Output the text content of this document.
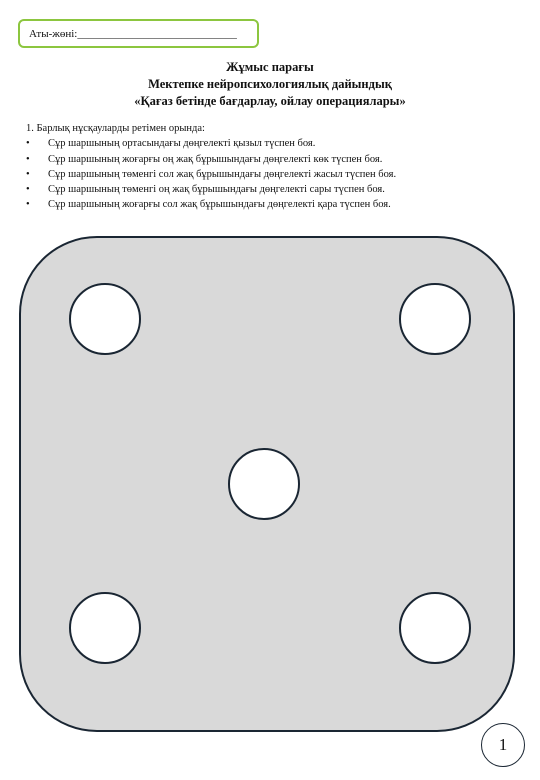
Аты-жөні:_____________________________
Жұмыс парағы
Мектепке нейропсихологиялық дайындық
«Қағаз бетінде бағдарлау, ойлау операциялары»
1. Барлық нұсқауларды ретімен орында:
• Сұр шаршының ортасындағы дөңгелекті қызыл түспен боя.
• Сұр шаршының жоғарғы оң жақ бұрышындағы дөңгелекті көк түспен боя.
• Сұр шаршының төменгі сол жақ бұрышындағы дөңгелекті жасыл түспен боя.
• Сұр шаршының төменгі оң жақ бұрышындағы дөңгелекті сары түспен боя.
• Сұр шаршының жоғарғы сол жақ бұрышындағы дөңгелекті қара түспен боя.
1
